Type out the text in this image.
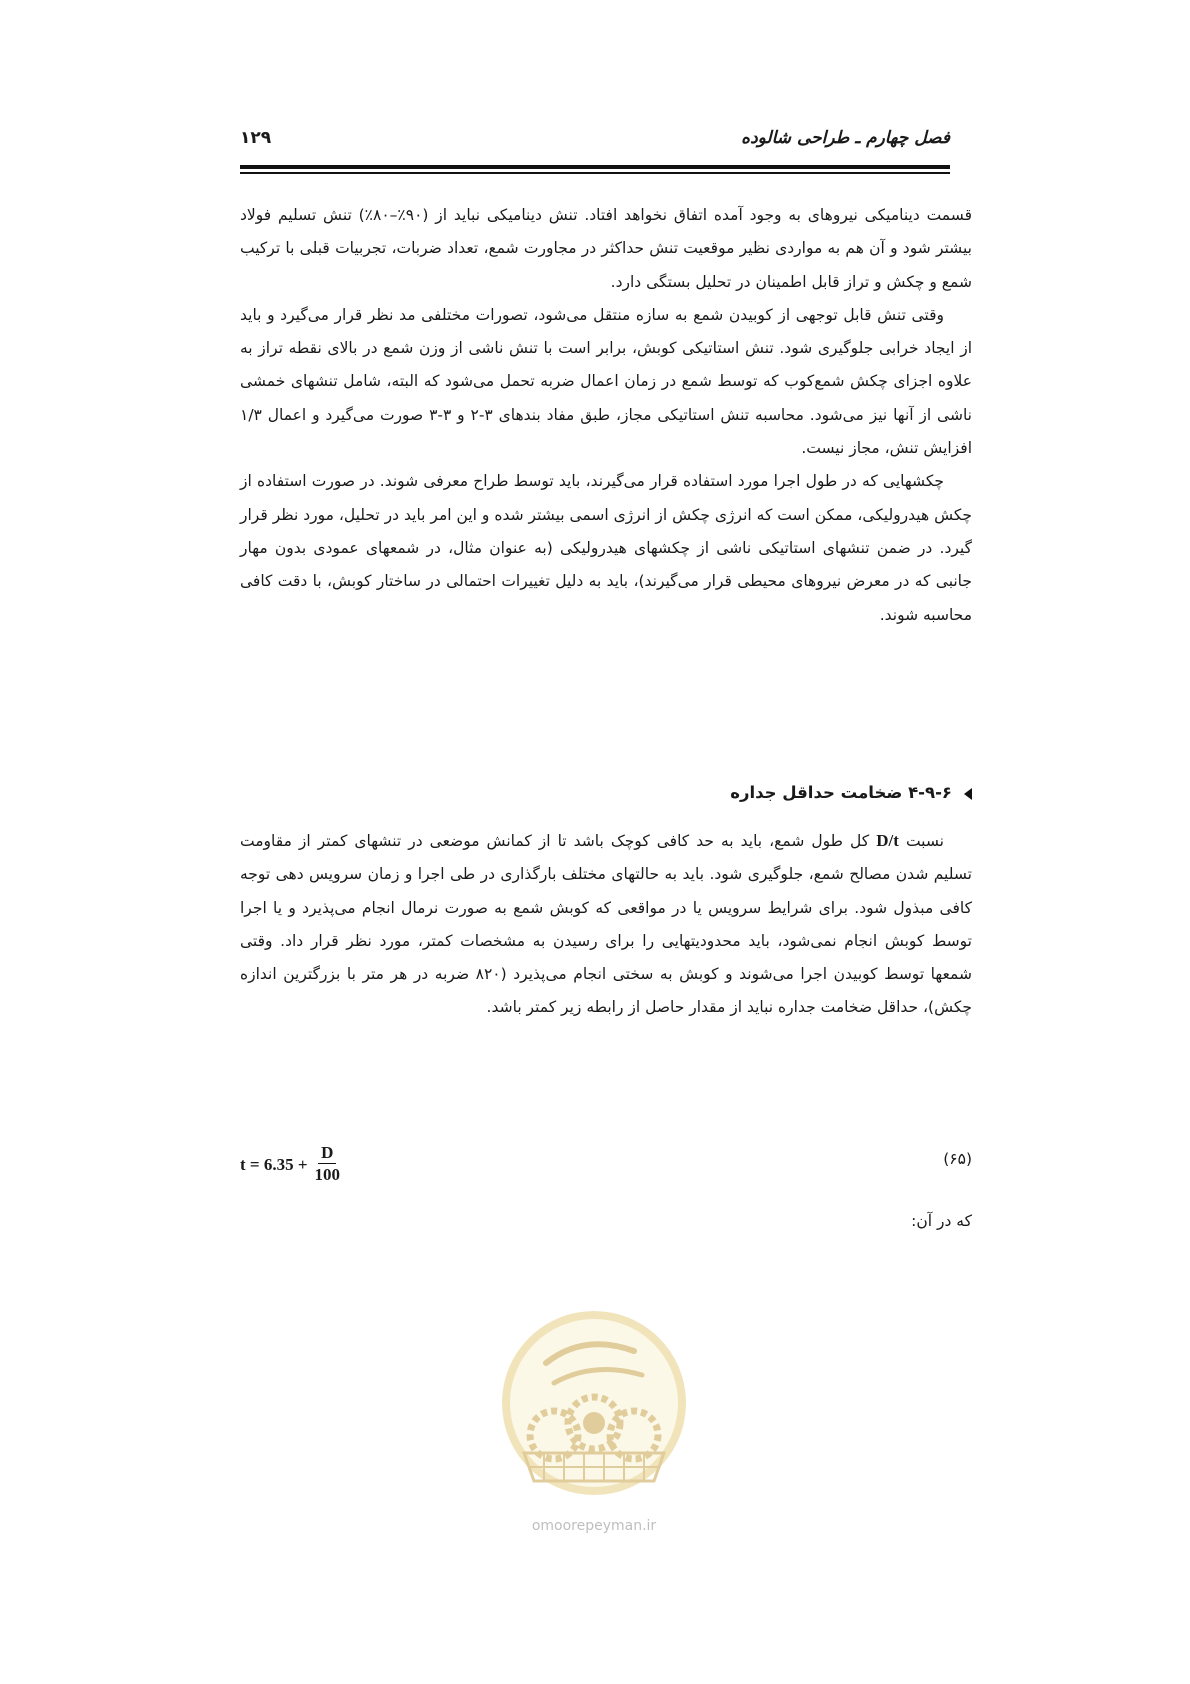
فصل چهارم ـ طراحی شالوده
۱۲۹

قسمت دینامیکی نیروهای به وجود آمده اتفاق نخواهد افتاد. تنش دینامیکی نباید از (۹۰٪–۸۰٪) تنش تسلیم فولاد بیشتر شود و آن هم به مواردی نظیر موقعیت تنش حداکثر در مجاورت شمع، تعداد ضربات، تجربیات قبلی با ترکیب شمع و چکش و تراز قابل اطمینان در تحلیل بستگی دارد.

وقتی تنش قابل توجهی از کوبیدن شمع به سازه منتقل می‌شود، تصورات مختلفی مد نظر قرار می‌گیرد و باید از ایجاد خرابی جلوگیری شود. تنش استاتیکی کوبش، برابر است با تنش ناشی از وزن شمع در بالای نقطه تراز به علاوه اجزای چکش شمع‌کوب که توسط شمع در زمان اعمال ضربه تحمل می‌شود که البته، شامل تنشهای خمشی ناشی از آنها نیز می‌شود. محاسبه تنش استاتیکی مجاز، طبق مفاد بندهای ۳-۲ و ۳-۳ صورت می‌گیرد و اعمال ۱/۳ افزایش تنش، مجاز نیست.

چکشهایی که در طول اجرا مورد استفاده قرار می‌گیرند، باید توسط طراح معرفی شوند. در صورت استفاده از چکش هیدرولیکی، ممکن است که انرژی چکش از انرژی اسمی بیشتر شده و این امر باید در تحلیل، مورد نظر قرار گیرد. در ضمن تنشهای استاتیکی ناشی از چکشهای هیدرولیکی (به عنوان مثال، در شمعهای عمودی بدون مهار جانبی که در معرض نیروهای محیطی قرار می‌گیرند)، باید به دلیل تغییرات احتمالی در ساختار کوبش، با دقت کافی محاسبه شوند.

۴-۹-۶ ضخامت حداقل جداره

نسبت D/t کل طول شمع، باید به حد کافی کوچک باشد تا از کمانش موضعی در تنشهای کمتر از مقاومت تسلیم شدن مصالح شمع، جلوگیری شود. باید به حالتهای مختلف بارگذاری در طی اجرا و زمان سرویس دهی توجه کافی مبذول شود. برای شرایط سرویس یا در مواقعی که کوبش شمع به صورت نرمال انجام می‌پذیرد و یا اجرا توسط کوبش انجام نمی‌شود، باید محدودیتهایی را برای رسیدن به مشخصات کمتر، مورد نظر قرار داد. وقتی شمعها توسط کوبیدن اجرا می‌شوند و کوبش به سختی انجام می‌پذیرد (۸۲۰ ضربه در هر متر با بزرگترین اندازه چکش)، حداقل ضخامت جداره نباید از مقدار حاصل از رابطه زیر کمتر باشد.

$t = 6.35 + \frac{D}{100}$	(۶۵)
که در آن:
omoorepeyman.ir
